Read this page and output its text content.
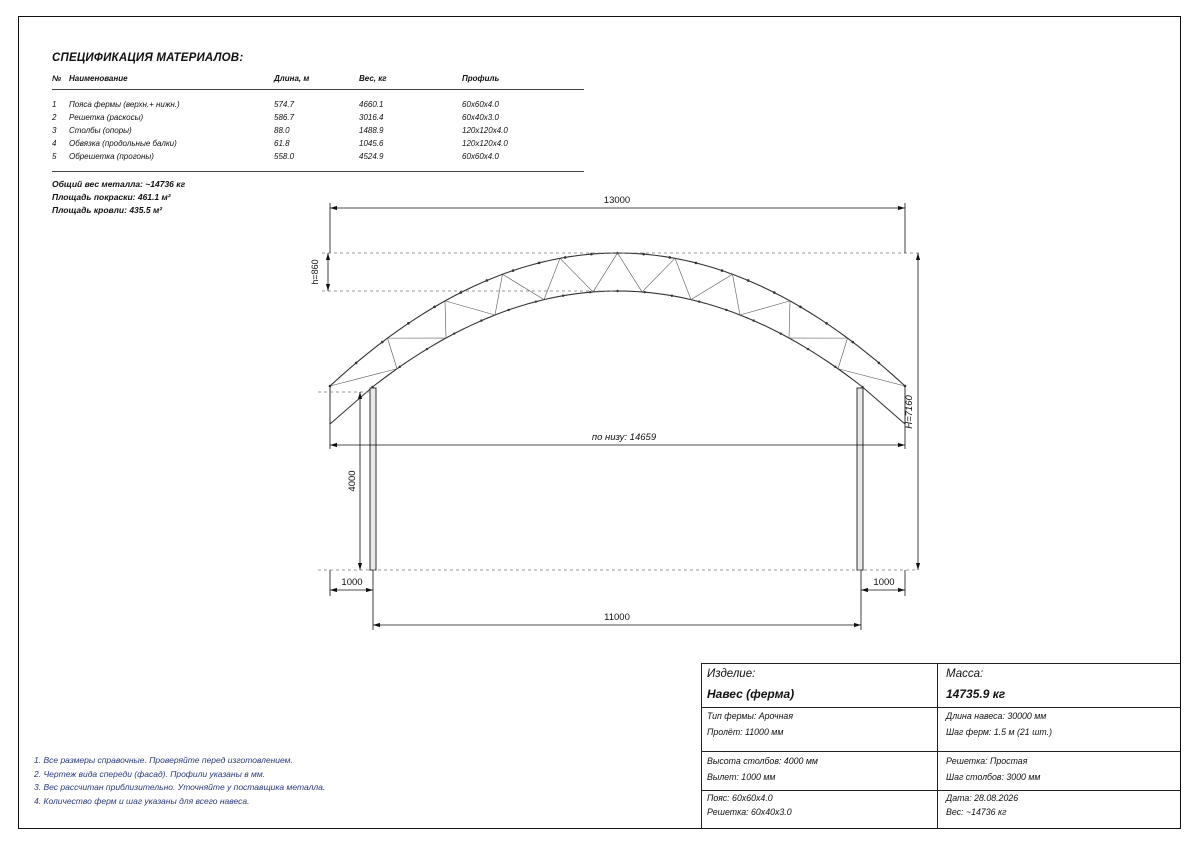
СПЕЦИФИКАЦИЯ МАТЕРИАЛОВ:
№ Наименование	Длина, м	Вес, кг	Профиль
1 Пояса фермы (верхн.+ нижн.)	574.7	4660.1	60x60x4.0
2 Решетка (раскосы)	586.7	3016.4	60x40x3.0
3 Столбы (опоры)	88.0	1488.9	120x120x4.0
4 Обвязка (продольные балки)	61.8	1045.6	120x120x4.0
5 Обрешетка (прогоны)	558.0	4524.9	60x60x4.0
Общий вес металла: ~14736 кг
Площадь покраски: 461.1 м²
Площадь кровли: 435.5 м²
13000
h=860
H=7160
по низу: 14659
4000
1000	1000
11000
1. Все размеры справочные. Проверяйте перед изготовлением.
2. Чертеж вида спереди (фасад). Профили указаны в мм.
3. Вес рассчитан приблизительно. Уточняйте у поставщика металла.
4. Количество ферм и шаг указаны для всего навеса.
Изделие:
Навес (ферма)
Масса:
14735.9 кг
Тип фермы: Арочная
Пролёт: 11000 мм
Длина навеса: 30000 мм
Шаг ферм: 1.5 м (21 шт.)
Высота столбов: 4000 мм
Вылет: 1000 мм
Решетка: Простая
Шаг столбов: 3000 мм
Пояс: 60x60x4.0
Решетка: 60x40x3.0
Дата: 28.08.2026
Вес: ~14736 кг
